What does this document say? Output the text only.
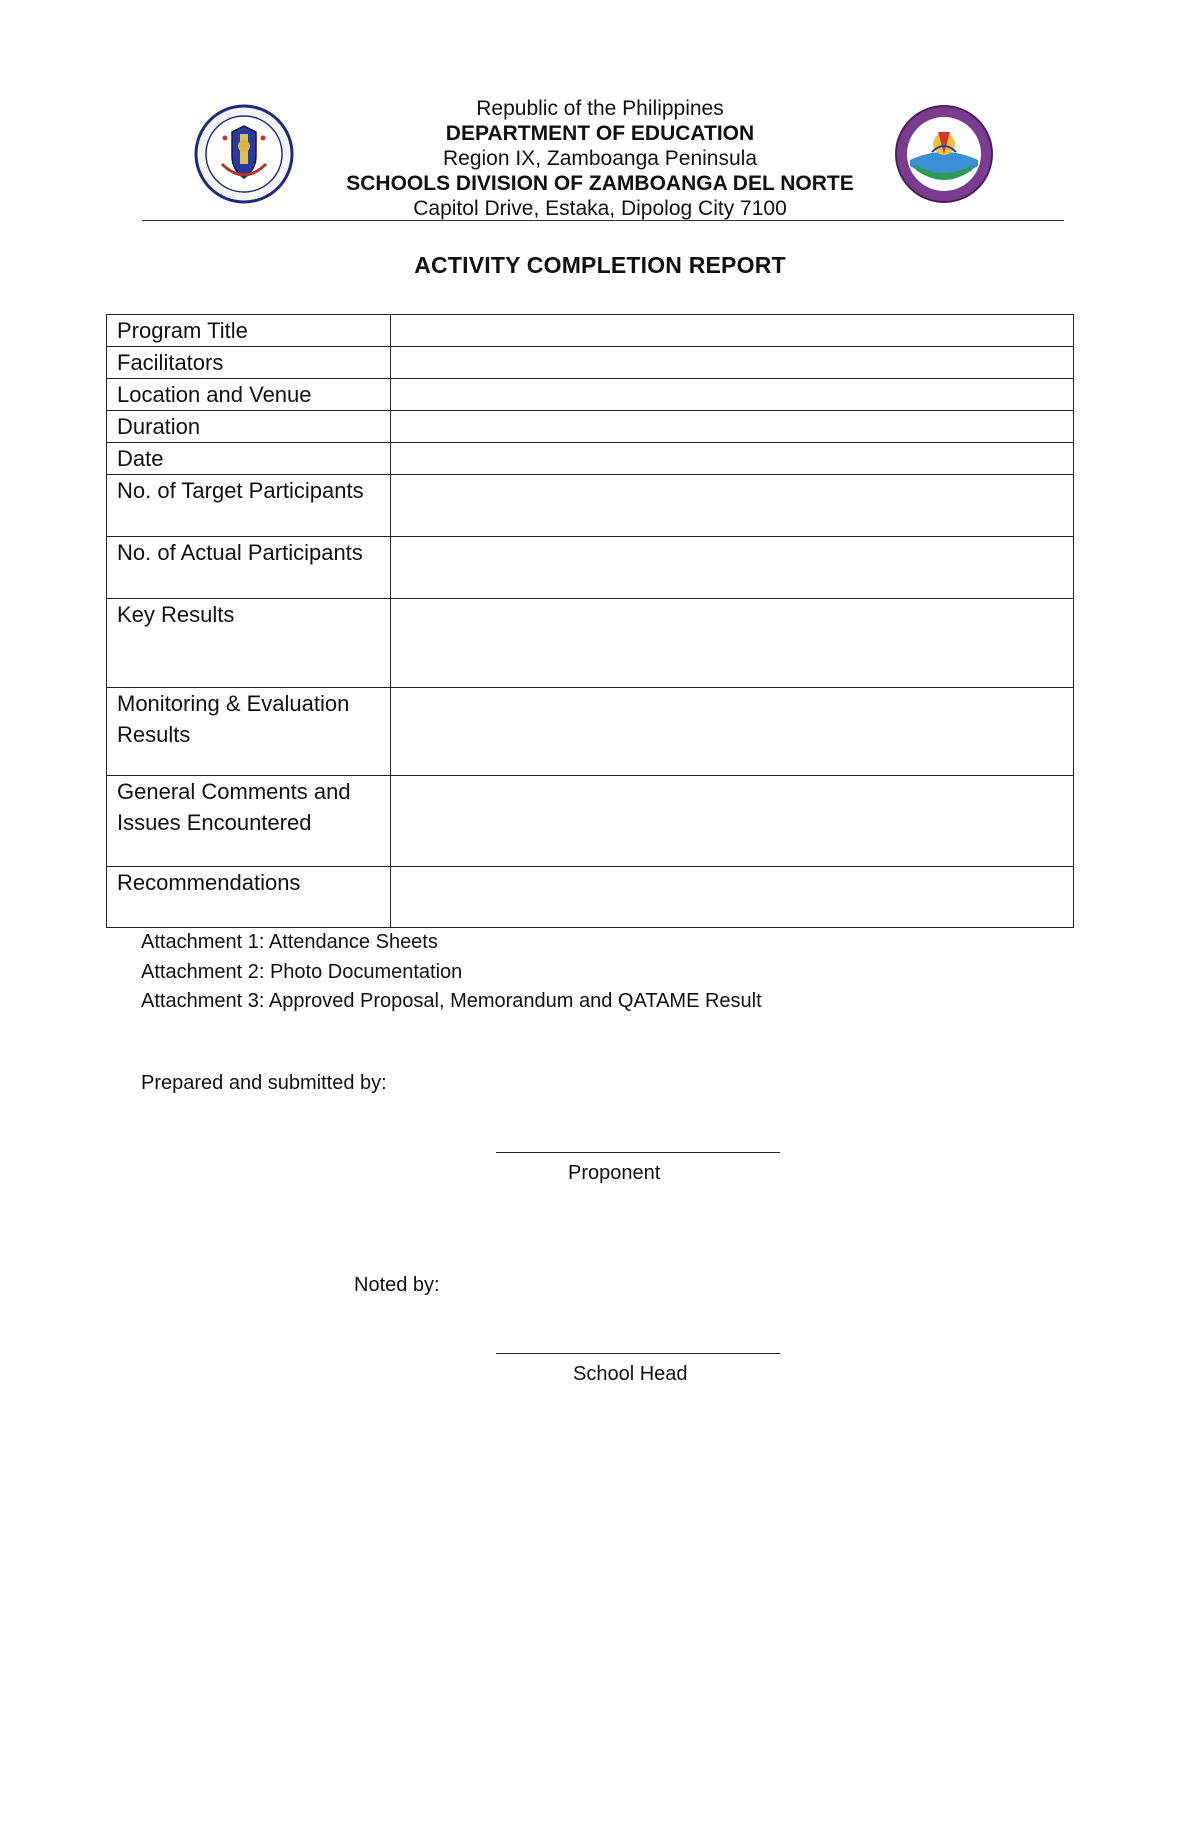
Republic of the Philippines
DEPARTMENT OF EDUCATION
Region IX, Zamboanga Peninsula
SCHOOLS DIVISION OF ZAMBOANGA DEL NORTE
Capitol Drive, Estaka, Dipolog City 7100
ACTIVITY COMPLETION REPORT
Program Title	
Facilitators	
Location and Venue	
Duration	
Date	
No. of Target Participants	
No. of Actual Participants	
Key Results	
Monitoring & Evaluation Results	
General Comments and Issues Encountered	
Recommendations	
Attachment 1: Attendance Sheets
Attachment 2: Photo Documentation
Attachment 3: Approved Proposal, Memorandum and QATAME Result
Prepared and submitted by:
Proponent
Noted by:
School Head
